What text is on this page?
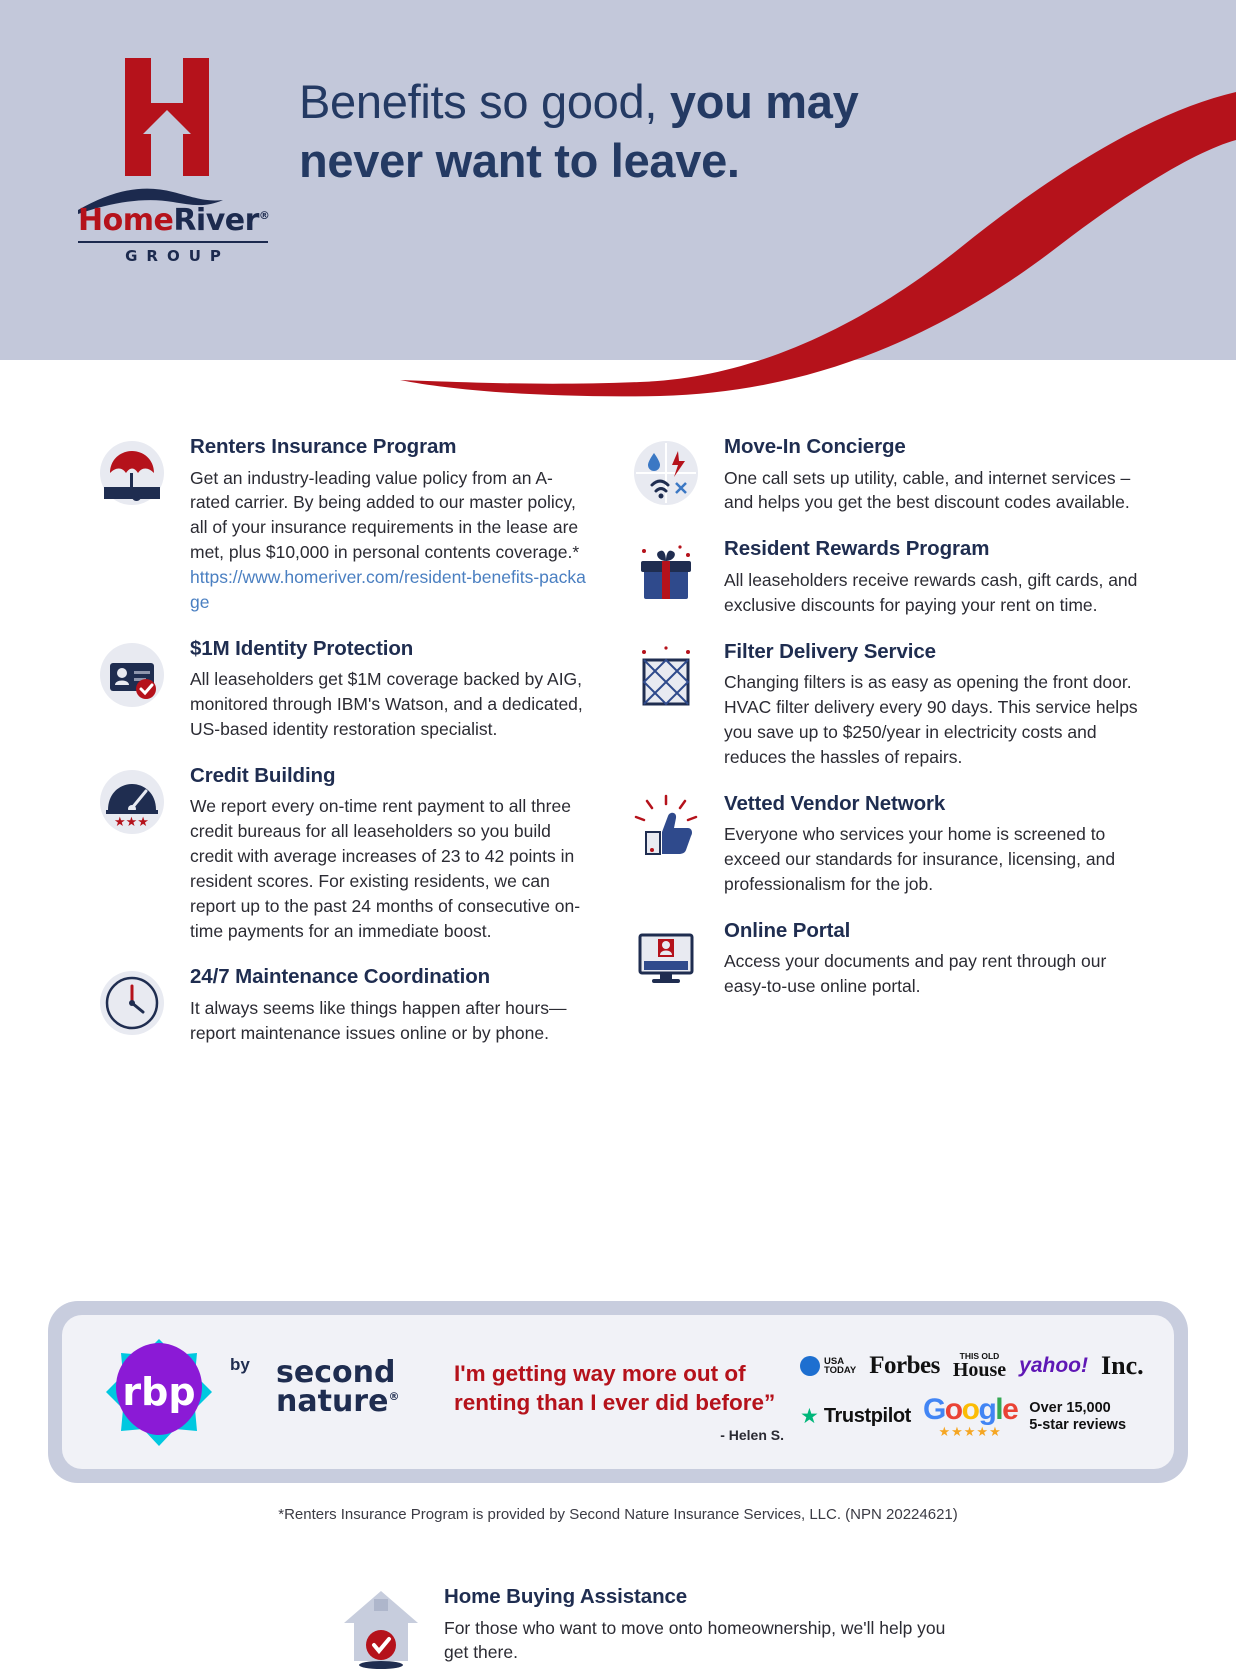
HomeRiver®
GROUP
Benefits so good, you may
never want to leave.
Renters Insurance Program
Get an industry-leading value policy from an A-rated carrier. By being added to our master policy, all of your insurance requirements in the lease are met, plus $10,000 in personal contents coverage.*
https://www.homeriver.com/resident-benefits-package
$1M Identity Protection
All leaseholders get $1M coverage backed by AIG, monitored through IBM's Watson, and a dedicated, US-based identity restoration specialist.
★★★
Credit Building
We report every on-time rent payment to all three credit bureaus for all leaseholders so you build credit with average increases of 23 to 42 points in resident scores. For existing residents, we can report up to the past 24 months of consecutive on-time payments for an immediate boost.
24/7 Maintenance Coordination
It always seems like things happen after hours—report maintenance issues online or by phone.
Move-In Concierge
One call sets up utility, cable, and internet services – and helps you get the best discount codes available.
Resident Rewards Program
All leaseholders receive rewards cash, gift cards, and exclusive discounts for paying your rent on time.
Filter Delivery Service
Changing filters is as easy as opening the front door. HVAC filter delivery every 90 days. This service helps you save up to $250/year in electricity costs and reduces the hassles of repairs.
Vetted Vendor Network
Everyone who services your home is screened to exceed our standards for insurance, licensing, and professionalism for the job.
Online Portal
Access your documents and pay rent through our easy-to-use online portal.
Home Buying Assistance
For those who want to move onto homeownership, we'll help you get there.
rbp
by second
nature®
I'm getting way more out of renting than I ever did before”
- Helen S.
USA
TODAY Forbes	THIS OLD
House yahoo! Inc.
★ Trustpilot Google
★★★★★
Over 15,000
5-star reviews
*Renters Insurance Program is provided by Second Nature Insurance Services, LLC. (NPN 20224621)
